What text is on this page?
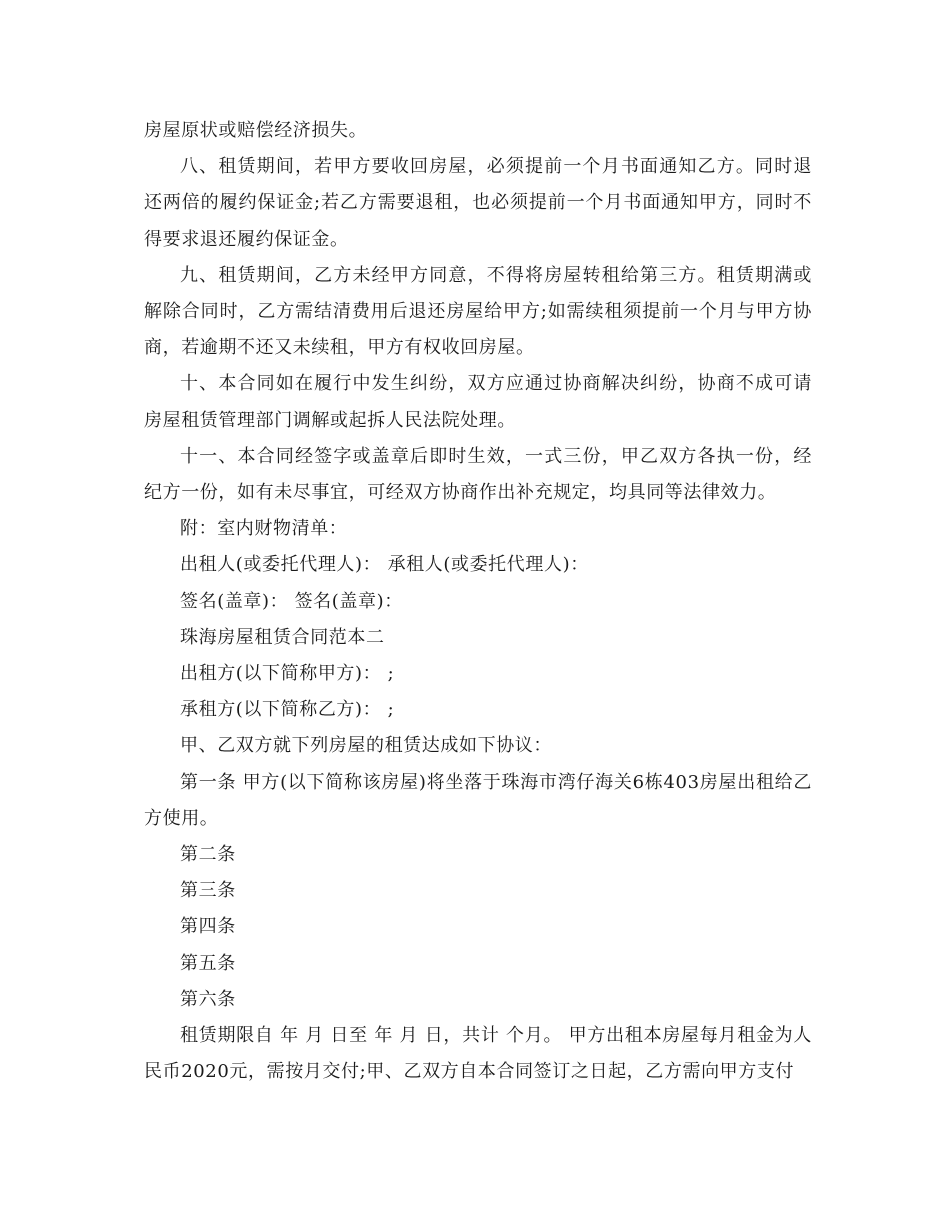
房屋原状或赔偿经济损失。

八、租赁期间，若甲方要收回房屋，必须提前一个月书面通知乙方。同时退还两倍的履约保证金;若乙方需要退租，也必须提前一个月书面通知甲方，同时不得要求退还履约保证金。

九、租赁期间，乙方未经甲方同意，不得将房屋转租给第三方。租赁期满或解除合同时，乙方需结清费用后退还房屋给甲方;如需续租须提前一个月与甲方协商，若逾期不还又未续租，甲方有权收回房屋。

十、本合同如在履行中发生纠纷，双方应通过协商解决纠纷，协商不成可请房屋租赁管理部门调解或起拆人民法院处理。

十一、本合同经签字或盖章后即时生效，一式三份，甲乙双方各执一份，经纪方一份，如有未尽事宜，可经双方协商作出补充规定，均具同等法律效力。

附：室内财物清单：

出租人(或委托代理人)： 承租人(或委托代理人)：

签名(盖章)： 签名(盖章)：

珠海房屋租赁合同范本二

出租方(以下简称甲方)： ;

承租方(以下简称乙方)： ;

甲、乙双方就下列房屋的租赁达成如下协议：

第一条 甲方(以下简称该房屋)将坐落于珠海市湾仔海关6栋403房屋出租给乙方使用。

第二条

第三条

第四条

第五条

第六条

租赁期限自 年 月 日至 年 月 日，共计 个月。 甲方出租本房屋每月租金为人民币2020元，需按月交付;甲、乙双方自本合同签订之日起，乙方需向甲方支付
